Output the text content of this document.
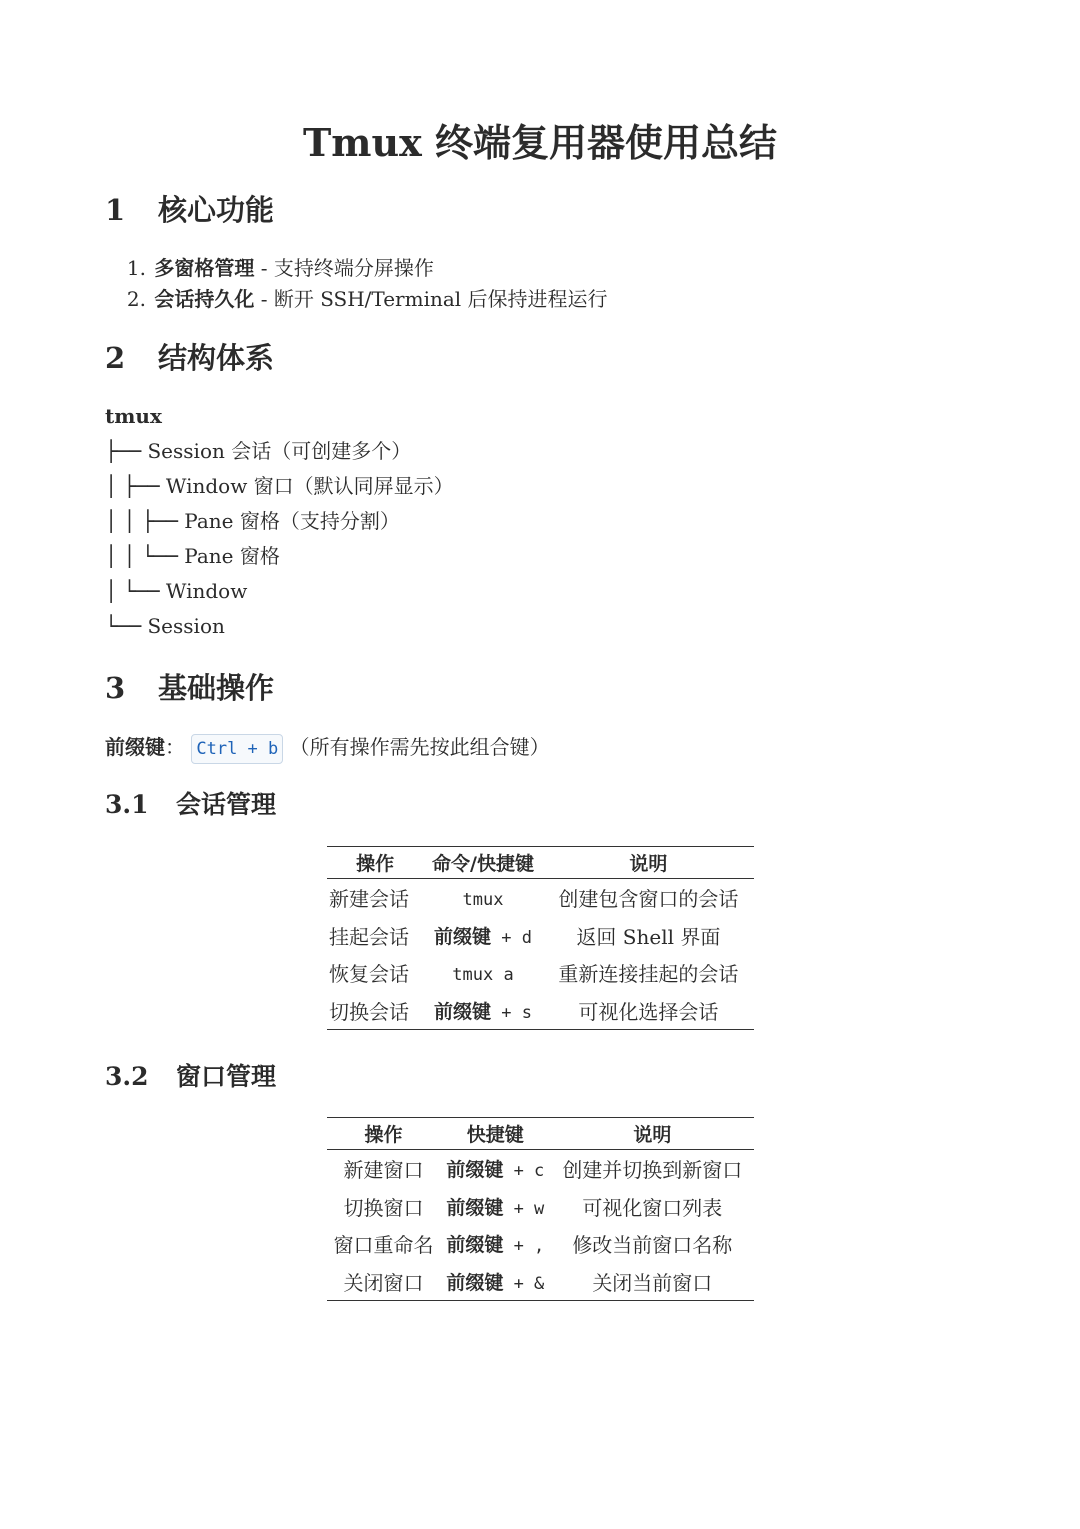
Tmux 终端复用器使用总结
1 核心功能
1. 多窗格管理 - 支持终端分屏操作
2. 会话持久化 - 断开 SSH/Terminal 后保持进程运行
2 结构体系
tmux
├── Session 会话（可创建多个）
│ ├── Window 窗口（默认同屏显示）
│ │ ├── Pane 窗格（支持分割）
│ │ └── Pane 窗格
│ └── Window
└── Session
3 基础操作
前缀键： Ctrl + b （所有操作需先按此组合键）
3.1 会话管理
操作	命令/快捷键	说明
新建会话	tmux	创建包含窗口的会话
挂起会话	前缀键 + d	返回 Shell 界面
恢复会话	tmux a	重新连接挂起的会话
切换会话	前缀键 + s	可视化选择会话
3.2 窗口管理
操作	快捷键	说明
新建窗口	前缀键 + c	创建并切换到新窗口
切换窗口	前缀键 + w	可视化窗口列表
窗口重命名	前缀键 + ,	修改当前窗口名称
关闭窗口	前缀键 + &	关闭当前窗口
